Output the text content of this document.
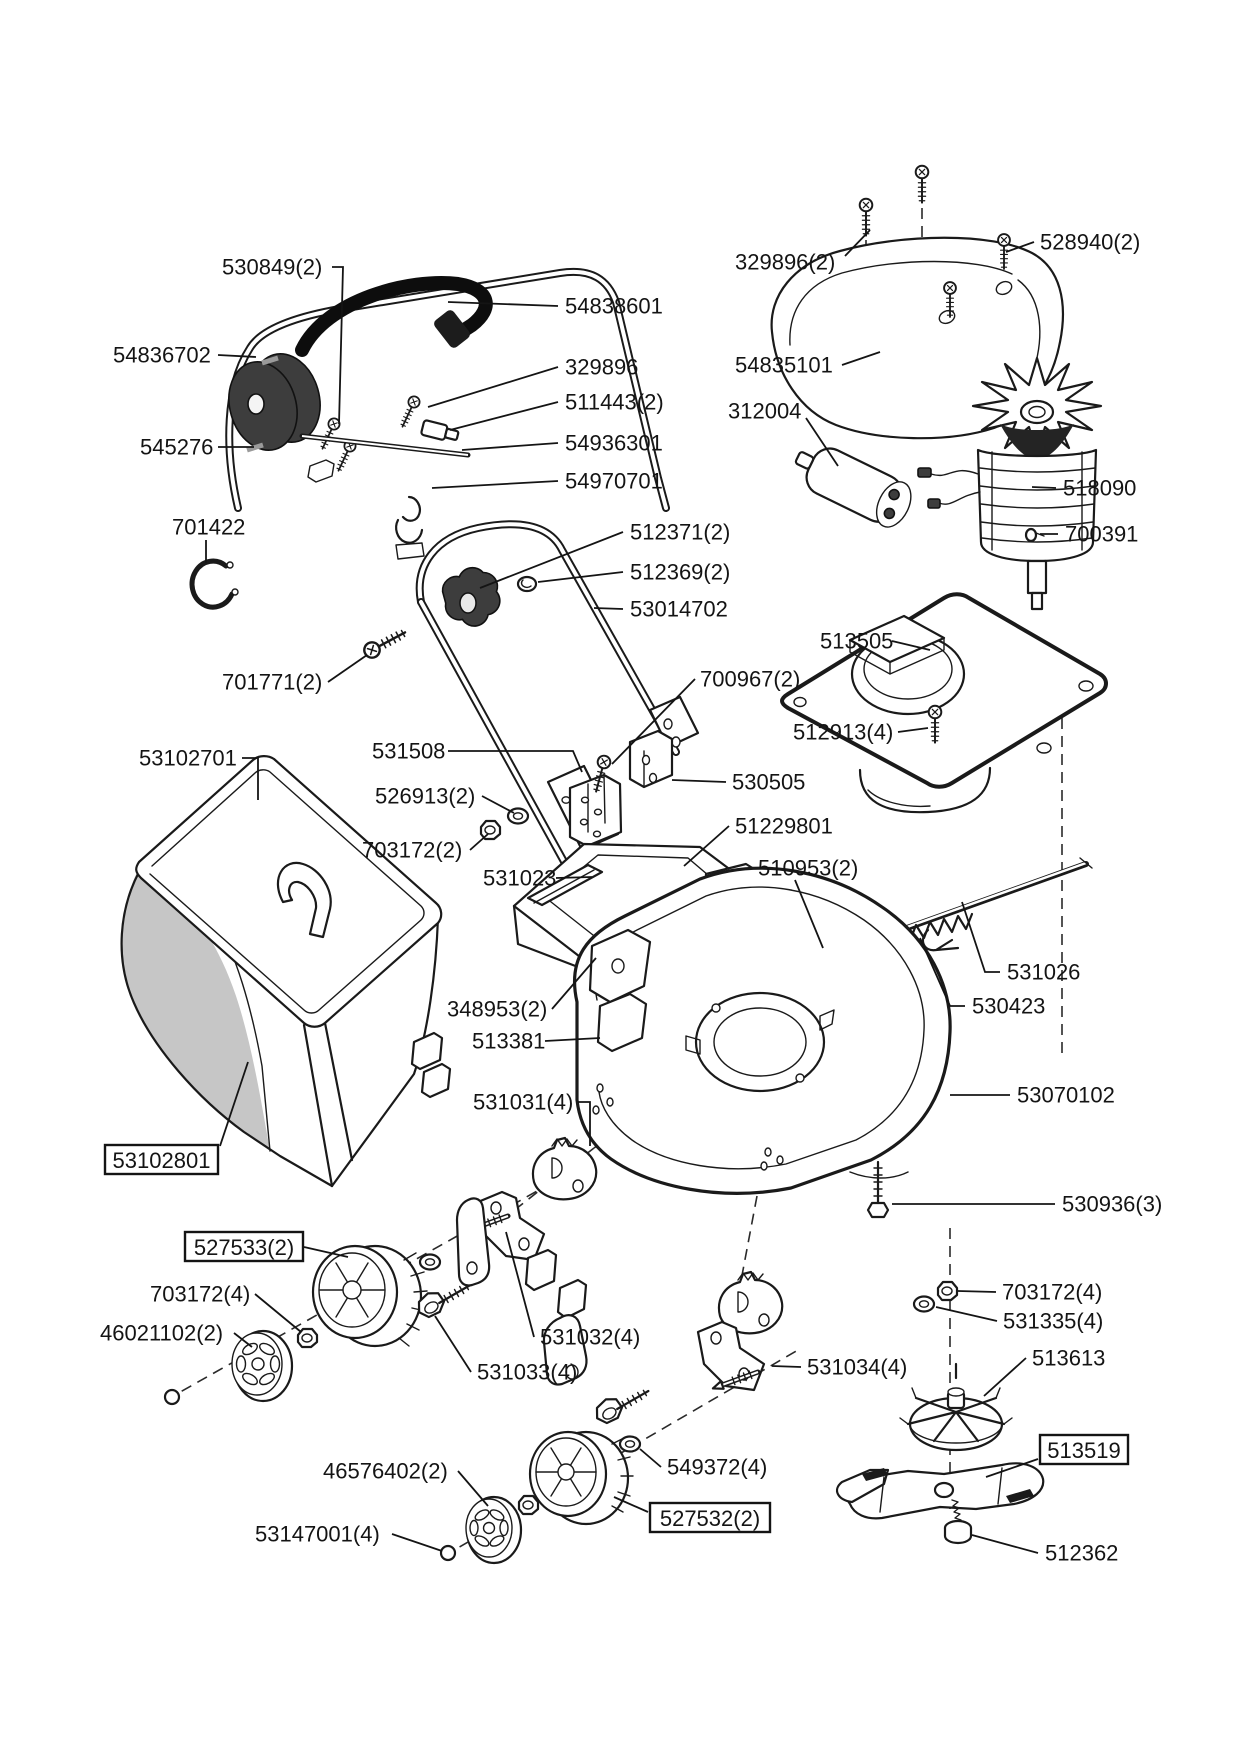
530849(2)
54838601
54836702	329896
511443(2)
545276	54936301
54970701
701422	512371(2)
512369(2)
53014702
701771(2)	700967(2)
531508
530505
526913(2)
51229801
703172(2)
531023	510953(2)
512913(4)
518090
700391
513505
312004
329896(2)
528940(2)
54835101
531026
530423
53070102
530936(3)
703172(4)
531335(4)
513613
513519
512362
348953(2)
513381
531031(4)
53102701
53102801
527533(2)
703172(4)
46021102(2)	531032(4)
531033(4)	531034(4)
46576402(2)
53147001(4)
549372(4)
527532(2)
